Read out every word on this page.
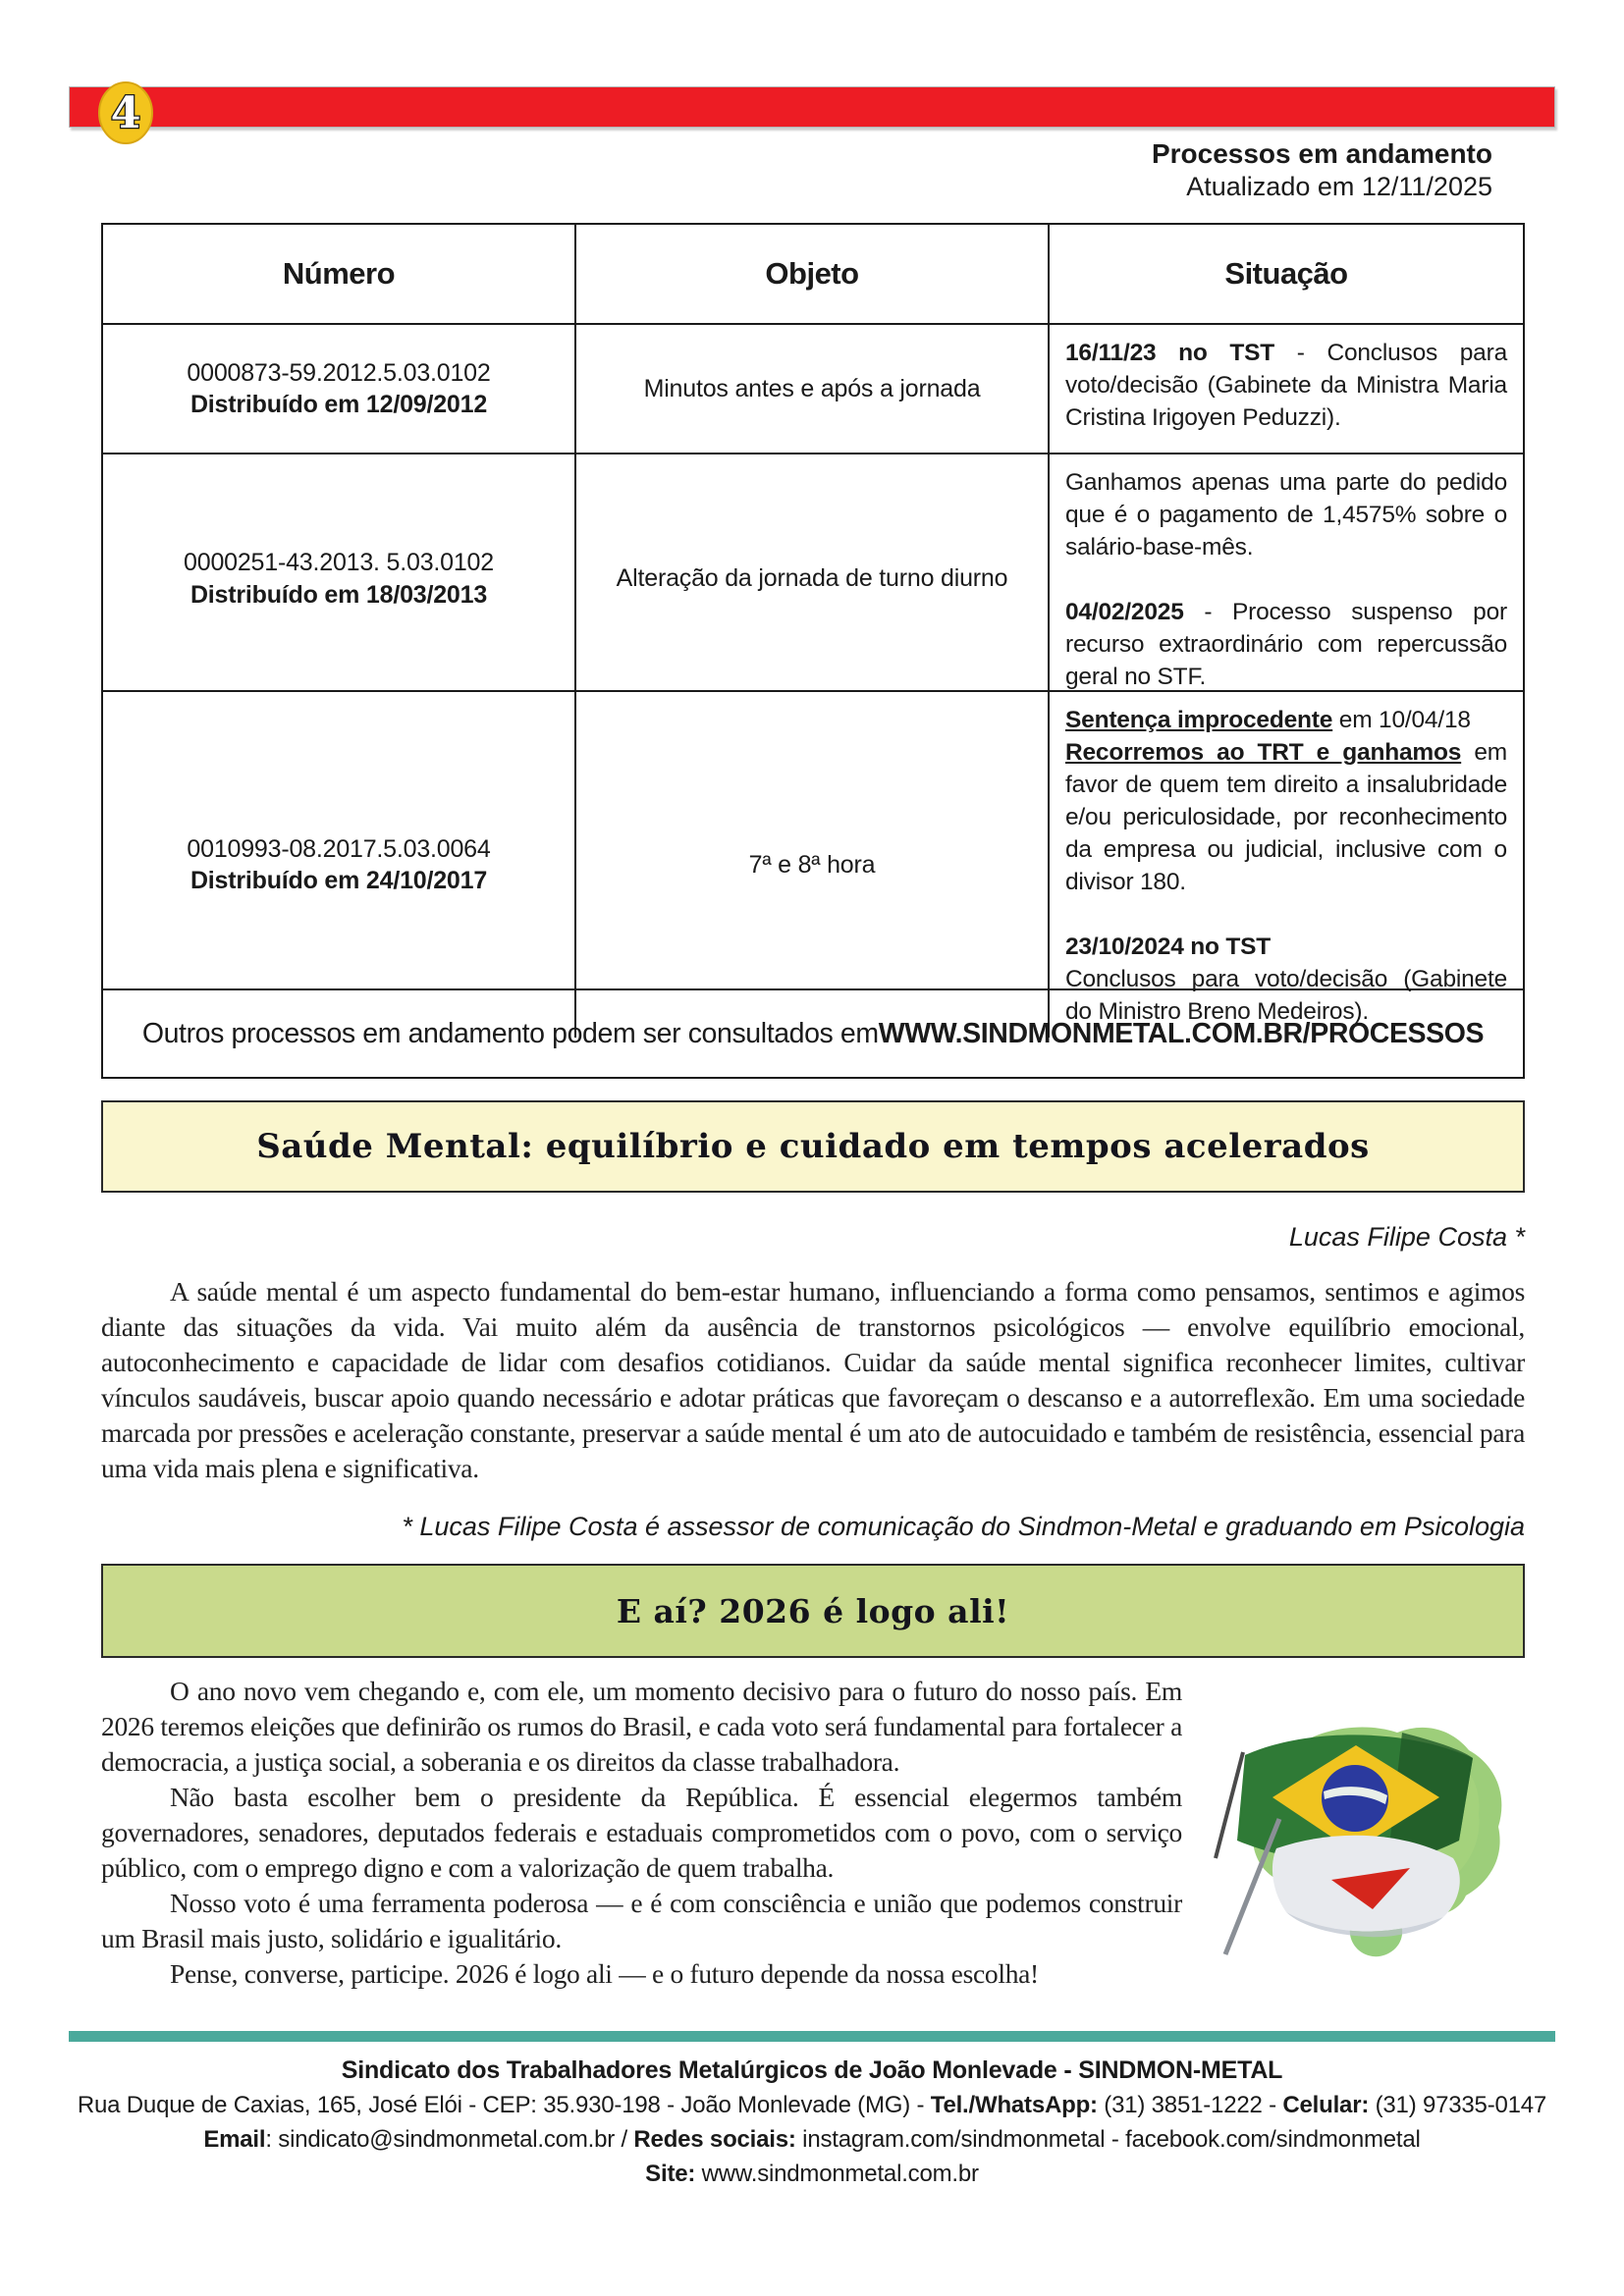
4
Processos em andamento
Atualizado em 12/11/2025
Número	Objeto	Situação
0000873-59.2012.5.03.0102
Distribuído em 12/09/2012
Minutos antes e após a jornada

16/11/23 no TST - Conclusos para voto/decisão (Gabinete da Ministra Maria Cristina Irigoyen Peduzzi).

0000251-43.2013. 5.03.0102
Distribuído em 18/03/2013
Alteração da jornada de turno diurno

Ganhamos apenas uma parte do pedido que é o pagamento de 1,4575% sobre o salário-base-mês.

04/02/2025 - Processo suspenso por recurso extraordinário com repercussão geral no STF.

0010993-08.2017.5.03.0064
Distribuído em 24/10/2017
7ª e 8ª hora

Sentença improcedente em 10/04/18

Recorremos ao TRT e ganhamos em favor de quem tem direito a insalubridade e/ou periculosidade, por reconhecimento da empresa ou judicial, inclusive com o divisor 180.

23/10/2024 no TST

Conclusos para voto/decisão (Gabinete do Ministro Breno Medeiros).

Outros processos em andamento podem ser consultados em WWW.SINDMONMETAL.COM.BR/PROCESSOS
Saúde Mental: equilíbrio e cuidado em tempos acelerados
Lucas Filipe Costa *

A saúde mental é um aspecto fundamental do bem-estar humano, influenciando a forma como pensamos, sentimos e agimos diante das situações da vida. Vai muito além da ausência de transtornos psicológicos — envolve equilíbrio emocional, autoconhecimento e capacidade de lidar com desafios cotidianos. Cuidar da saúde mental significa reconhecer limites, cultivar vínculos saudáveis, buscar apoio quando necessário e adotar práticas que favoreçam o descanso e a autorreflexão. Em uma sociedade marcada por pressões e aceleração constante, preservar a saúde mental é um ato de autocuidado e também de resistência, essencial para uma vida mais plena e significativa.

* Lucas Filipe Costa é assessor de comunicação do Sindmon-Metal e graduando em Psicologia
E aí? 2026 é logo ali!

O ano novo vem chegando e, com ele, um momento decisivo para o futuro do nosso país. Em 2026 teremos eleições que definirão os rumos do Brasil, e cada voto será fundamental para fortalecer a democracia, a justiça social, a soberania e os direitos da classe trabalhadora.

Não basta escolher bem o presidente da República. É essencial elegermos também governadores, senadores, deputados federais e estaduais comprometidos com o povo, com o serviço público, com o emprego digno e com a valorização de quem trabalha.

Nosso voto é uma ferramenta poderosa — e é com consciência e união que podemos construir um Brasil mais justo, solidário e igualitário.

Pense, converse, participe. 2026 é logo ali — e o futuro depende da nossa escolha!

Sindicato dos Trabalhadores Metalúrgicos de João Monlevade - SINDMON-METAL
Rua Duque de Caxias, 165, José Elói - CEP: 35.930-198 - João Monlevade (MG) - Tel./WhatsApp: (31) 3851-1222 - Celular: (31) 97335-0147
Email: sindicato@sindmonmetal.com.br / Redes sociais: instagram.com/sindmonmetal - facebook.com/sindmonmetal
Site: www.sindmonmetal.com.br
